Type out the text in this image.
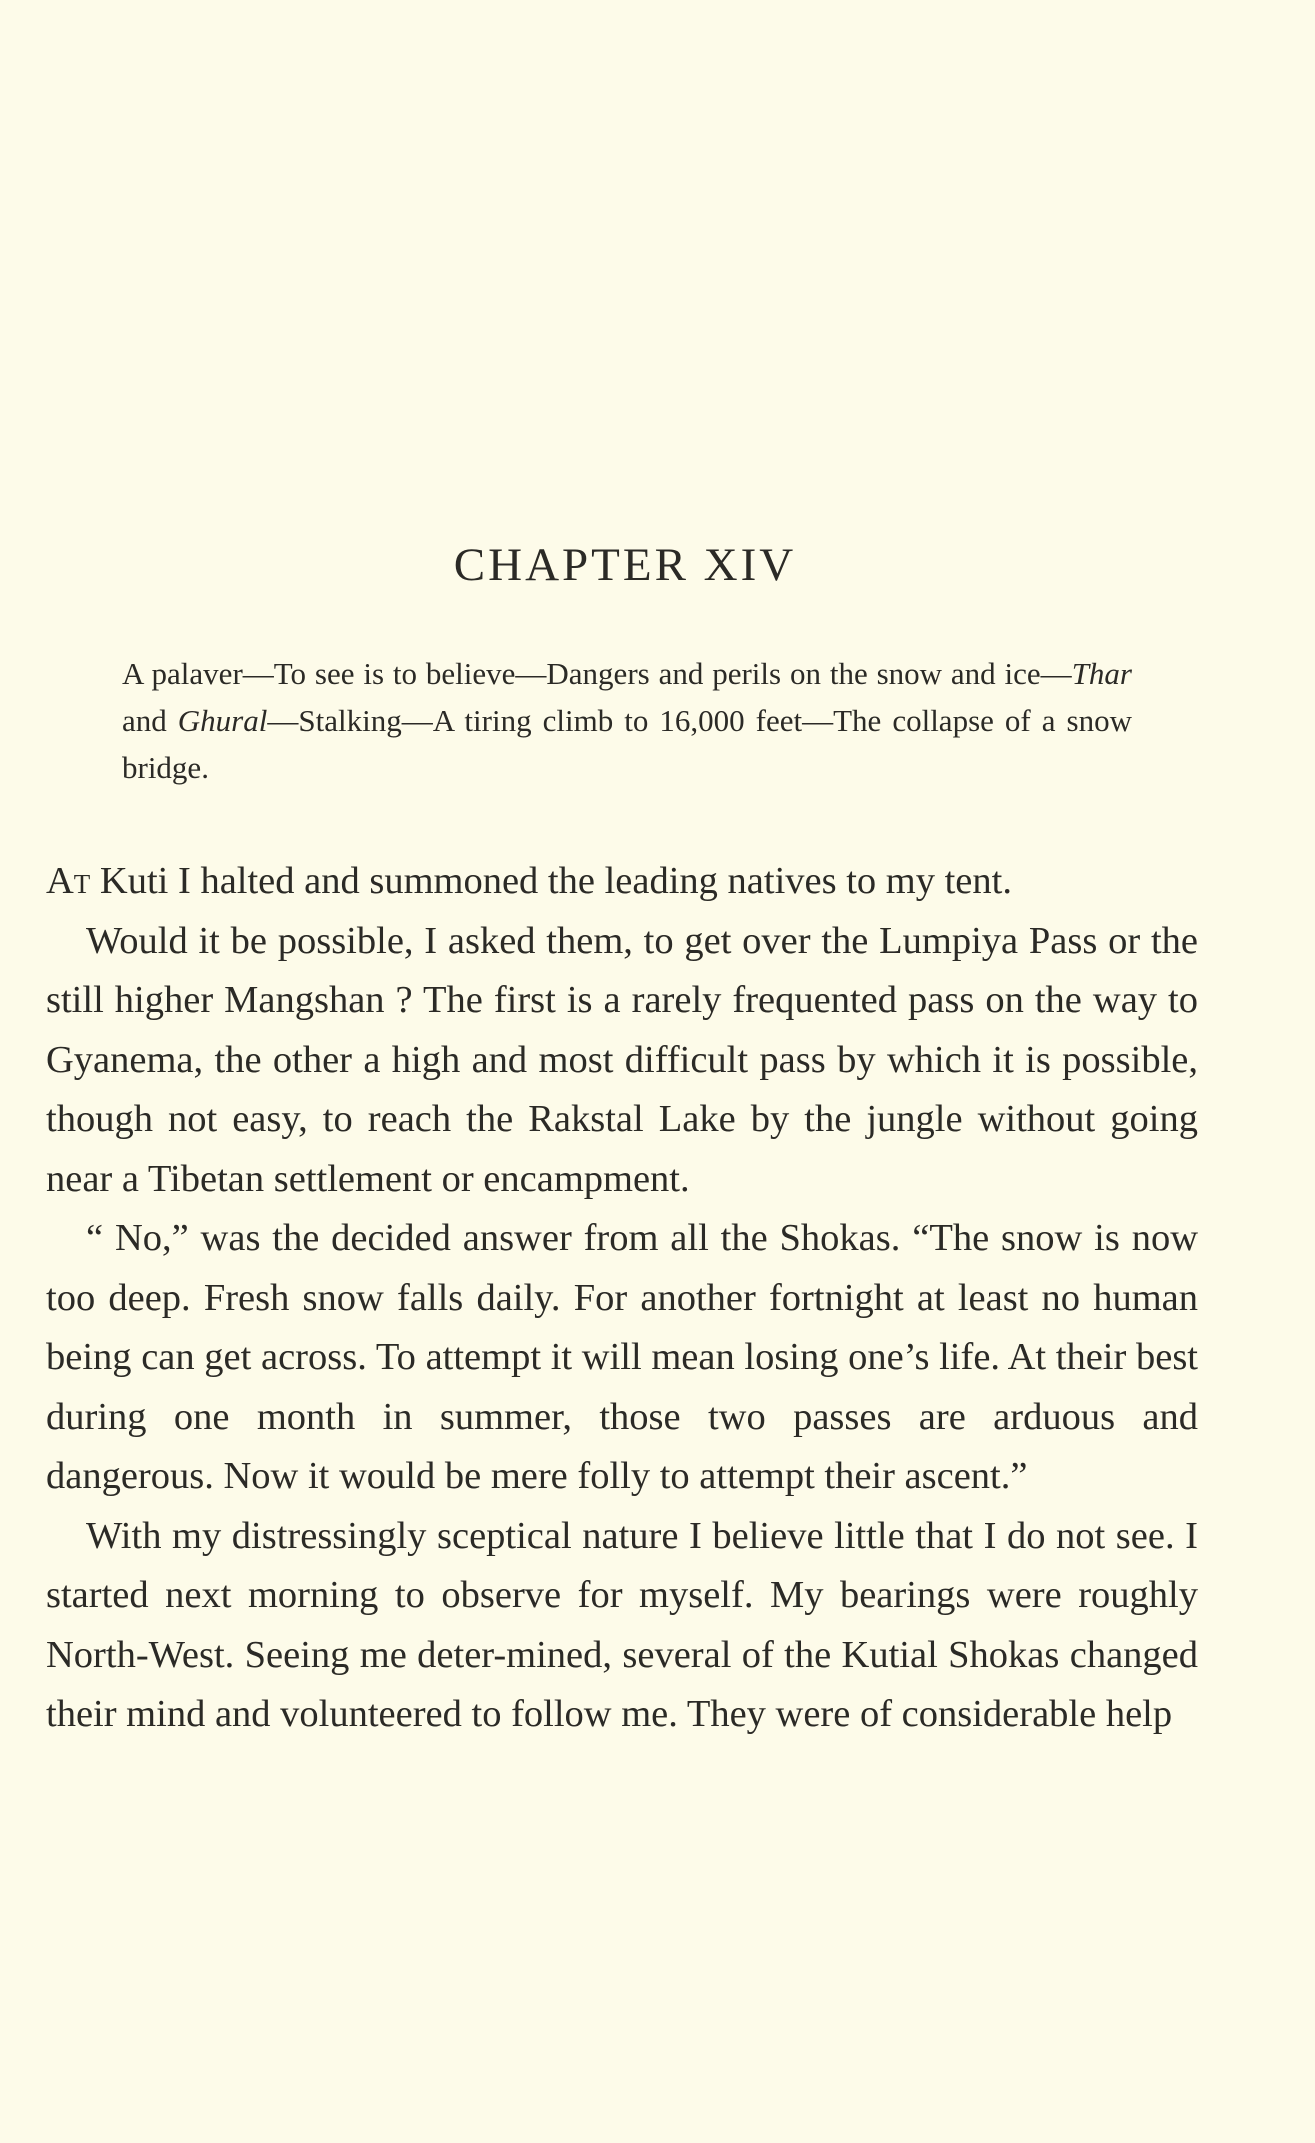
CHAPTER XIV

A palaver—To see is to believe—Dangers and perils on the snow and ice—Thar and Ghural—Stalking—A tiring climb to 16,000 feet—The collapse of a snow bridge.

At Kuti I halted and summoned the leading natives to my tent.

Would it be possible, I asked them, to get over the Lumpiya Pass or the still higher Mangshan ? The first is a rarely frequented pass on the way to Gyanema, the other a high and most difficult pass by which it is possible, though not easy, to reach the Rakstal Lake by the jungle without going near a Tibetan settlement or encampment.

“ No,” was the decided answer from all the Shokas. “The snow is now too deep. Fresh snow falls daily. For another fortnight at least no human being can get across. To attempt it will mean losing one’s life. At their best during one month in summer, those two passes are arduous and dangerous. Now it would be mere folly to attempt their ascent.”

With my distressingly sceptical nature I believe little that I do not see. I started next morning to observe for myself. My bearings were roughly North-West. Seeing me deter-mined, several of the Kutial Shokas changed their mind and volunteered to follow me. They were of considerable help
